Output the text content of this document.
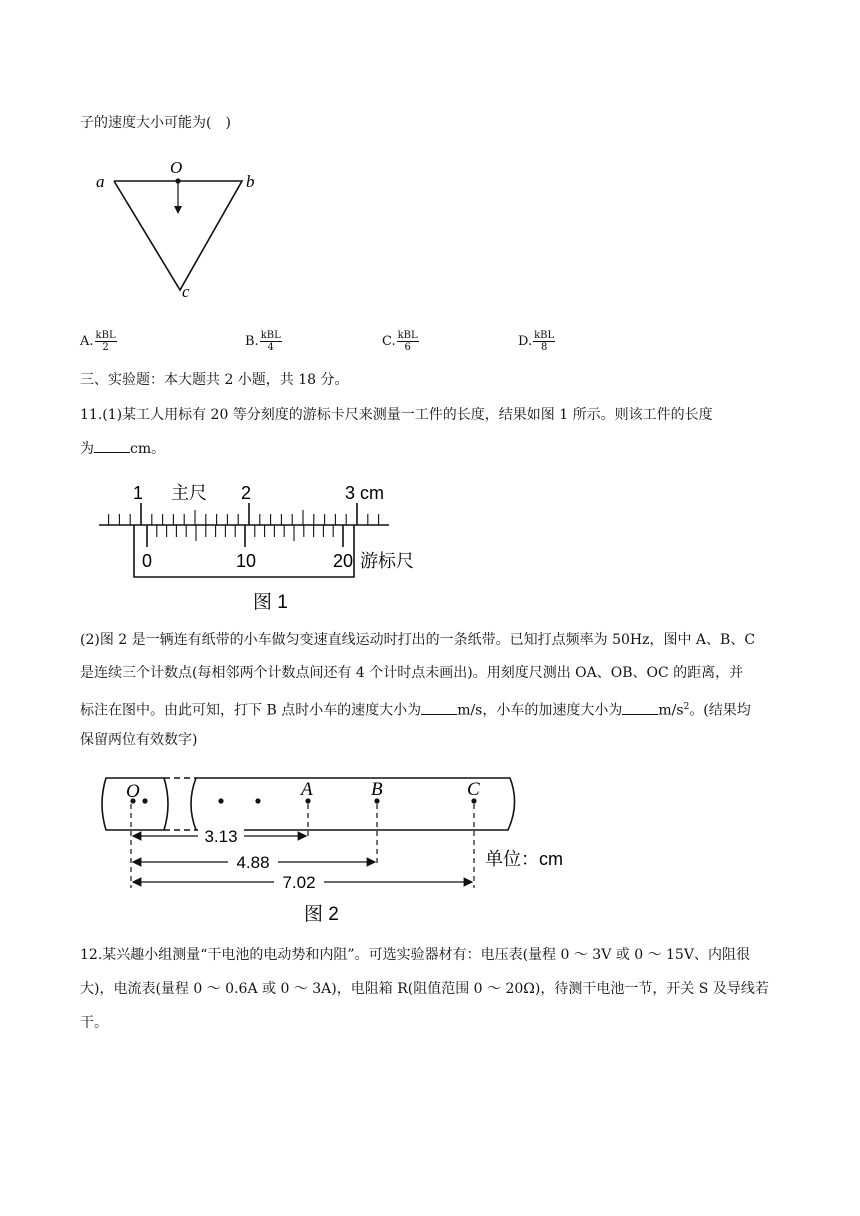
子的速度大小可能为(　)
a
O
b
c
A. $\frac{\text{kBL}}{2}$	B. $\frac{\text{kBL}}{4}$	C. $\frac{\text{kBL}}{6}$	D. $\frac{\text{kBL}}{8}$
三、实验题：本大题共 2 小题，共 18 分。
11.(1)某工人用标有 20 等分刻度的游标卡尺来测量一工件的长度，结果如图 1 所示。则该工件的长度
为	cm。
主尺
1	2	3 cm
0	10	20 游标尺
图 1
(2)图 2 是一辆连有纸带的小车做匀变速直线运动时打出的一条纸带。已知打点频率为 50Hz，图中 A、B、C
是连续三个计数点(每相邻两个计数点间还有 4 个计时点未画出)。用刻度尺测出 OA、OB、OC 的距离，并
标注在图中。由此可知，打下 B 点时小车的速度大小为	m/s，小车的加速度大小为	$m/s^2$。(结果均
保留两位有效数字)
O	A	B	C
3.13
4.88
7.02
单位：cm
图 2
12.某兴趣小组测量“干电池的电动势和内阻”。可选实验器材有：电压表(量程 0 ～ 3V 或 0 ～ 15V、内阻很
大)，电流表(量程 0 ～ 0.6A 或 0 ～ 3A)，电阻箱 R(阻值范围 0 ～ 20Ω)，待测干电池一节，开关 S 及导线若
干。
